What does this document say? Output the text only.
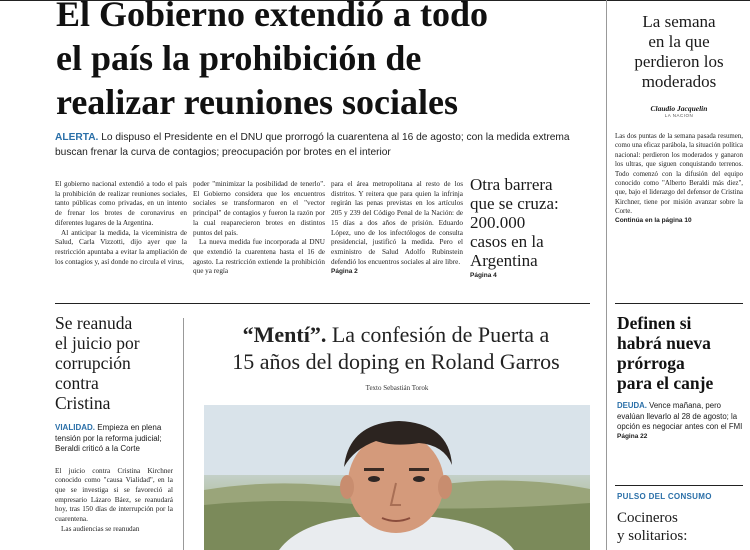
El Gobierno extendió a todo
el país la prohibición de
realizar reuniones sociales
ALERTA. Lo dispuso el Presidente en el DNU que prorrogó la cuarentena al 16 de agosto; con la medida extrema buscan frenar la curva de contagios; preocupación por brotes en el interior

El gobierno nacional extendió a todo el país la prohibición de realizar reuniones sociales, tanto públicas como privadas, en un intento de frenar los brotes de coronavirus en diferentes lugares de la Argentina.

Al anticipar la medida, la viceministra de Salud, Carla Vizzotti, dijo ayer que la restricción apuntaba a evitar la ampliación de los contagios y, así donde no circula el virus,

poder "minimizar la posibilidad de tenerlo". El Gobierno considera que los encuentros sociales se transformaron en el "vector principal" de contagios y fueron la razón por la cual reaparecieron brotes en distintos puntos del país.

La nueva medida fue incorporada al DNU que extendió la cuarentena hasta el 16 de agosto. La restricción extiende la prohibición que ya regía

para el área metropolitana al resto de los distritos. Y reitera que para quien la infrinja regirán las penas previstas en los artículos 205 y 239 del Código Penal de la Nación: de 15 días a dos años de prisión. Eduardo López, uno de los infectólogos de consulta presidencial, justificó la medida. Pero el exministro de Salud Adolfo Rubinstein defendió los encuentros sociales al aire libre.

Página 2
Otra barrera
que se cruza:
200.000
casos en la
Argentina
Página 4
La semana
en la que
perdieron los
moderados
Claudio Jacquelin
LA NACION
Las dos puntas de la semana pasada resumen, como una eficaz parábola, la situación política nacional: perdieron los moderados y ganaron los ultras, que siguen conquistando terrenos. Todo comenzó con la difusión del equipo conocido como "Alberto Beraldi más diez", que, bajo el liderazgo del defensor de Cristina Kirchner, tiene por misión avanzar sobre la Corte.
Continúa en la página 10
Se reanuda
el juicio por
corrupción
contra
Cristina
VIALIDAD. Empieza en plena tensión por la reforma judicial; Beraldi criticó a la Corte

El juicio contra Cristina Kirchner conocido como "causa Vialidad", en la que se investiga si se favoreció al empresario Lázaro Báez, se reanudará hoy, tras 150 días de interrupción por la cuarentena.

Las audiencias se reanudan

“Mentí”. La confesión de Puerta a
15 años del doping en Roland Garros
Texto Sebastián Torok
Definen si
habrá nueva
prórroga
para el canje
DEUDA. Vence mañana, pero evalúan llevarlo al 28 de agosto; la opción es negociar antes con el FMI
Página 22
PULSO DEL CONSUMO
Cocineros
y solitarios:
